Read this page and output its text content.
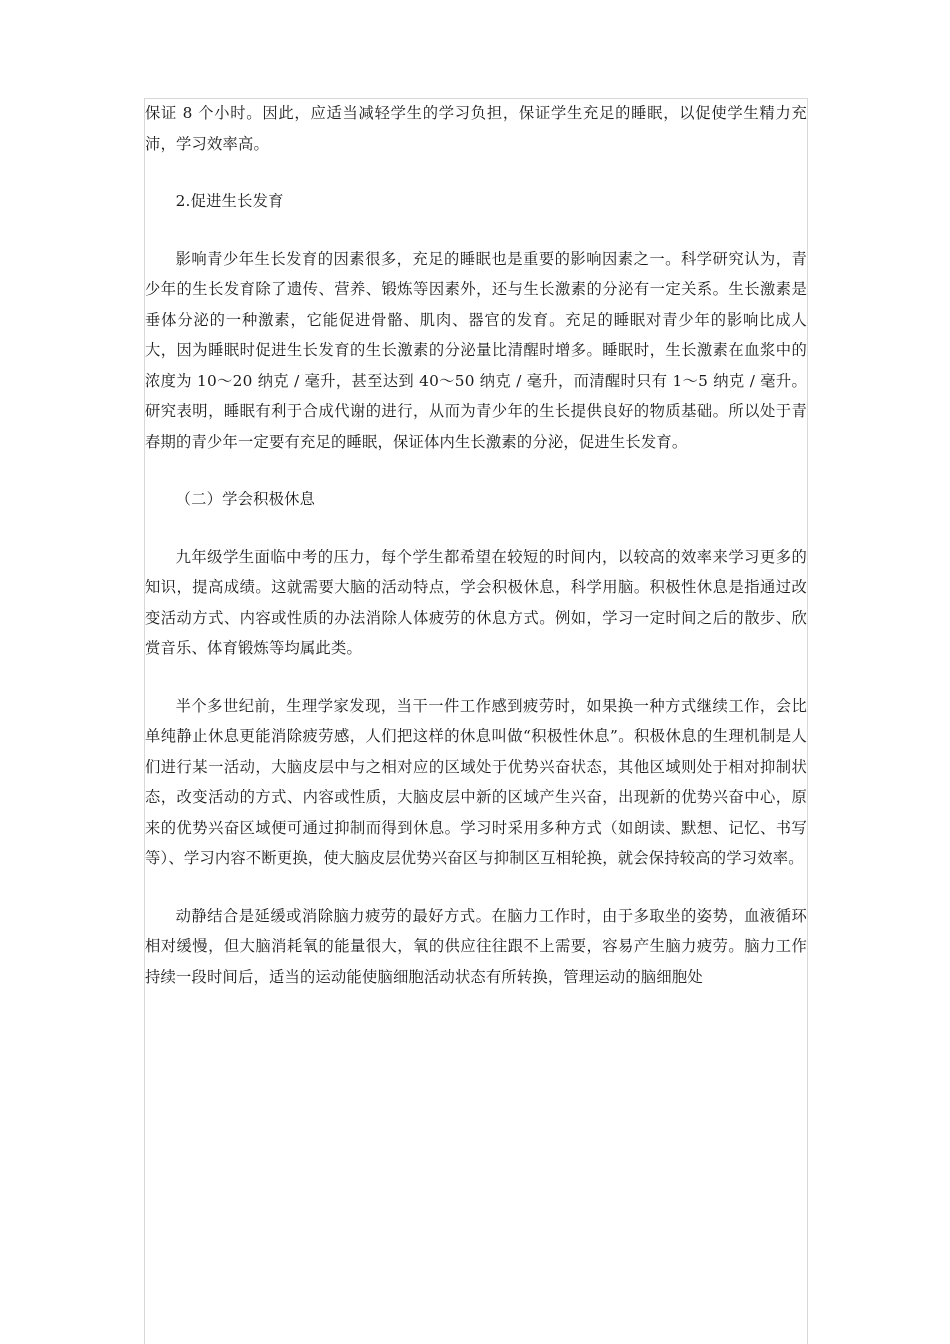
保证 8 个小时。因此，应适当减轻学生的学习负担，保证学生充足的睡眠，以促使学生精力充沛，学习效率高。

2.促进生长发育

影响青少年生长发育的因素很多，充足的睡眠也是重要的影响因素之一。科学研究认为，青少年的生长发育除了遗传、营养、锻炼等因素外，还与生长激素的分泌有一定关系。生长激素是垂体分泌的一种激素，它能促进骨骼、肌肉、器官的发育。充足的睡眠对青少年的影响比成人大，因为睡眠时促进生长发育的生长激素的分泌量比清醒时增多。睡眠时，生长激素在血浆中的浓度为 10～20 纳克 / 毫升，甚至达到 40～50 纳克 / 毫升，而清醒时只有 1～5 纳克 / 毫升。研究表明，睡眠有利于合成代谢的进行，从而为青少年的生长提供良好的物质基础。所以处于青春期的青少年一定要有充足的睡眠，保证体内生长激素的分泌，促进生长发育。

（二）学会积极休息

九年级学生面临中考的压力，每个学生都希望在较短的时间内，以较高的效率来学习更多的知识，提高成绩。这就需要大脑的活动特点，学会积极休息，科学用脑。积极性休息是指通过改变活动方式、内容或性质的办法消除人体疲劳的休息方式。例如，学习一定时间之后的散步、欣赏音乐、体育锻炼等均属此类。

半个多世纪前，生理学家发现，当干一件工作感到疲劳时，如果换一种方式继续工作，会比单纯静止休息更能消除疲劳感，人们把这样的休息叫做“积极性休息”。积极休息的生理机制是人们进行某一活动，大脑皮层中与之相对应的区域处于优势兴奋状态，其他区域则处于相对抑制状态，改变活动的方式、内容或性质，大脑皮层中新的区域产生兴奋，出现新的优势兴奋中心，原来的优势兴奋区域便可通过抑制而得到休息。学习时采用多种方式（如朗读、默想、记忆、书写等）、学习内容不断更换，使大脑皮层优势兴奋区与抑制区互相轮换，就会保持较高的学习效率。

动静结合是延缓或消除脑力疲劳的最好方式。在脑力工作时，由于多取坐的姿势，血液循环相对缓慢，但大脑消耗氧的能量很大，氧的供应往往跟不上需要，容易产生脑力疲劳。脑力工作持续一段时间后，适当的运动能使脑细胞活动状态有所转换，管理运动的脑细胞处
